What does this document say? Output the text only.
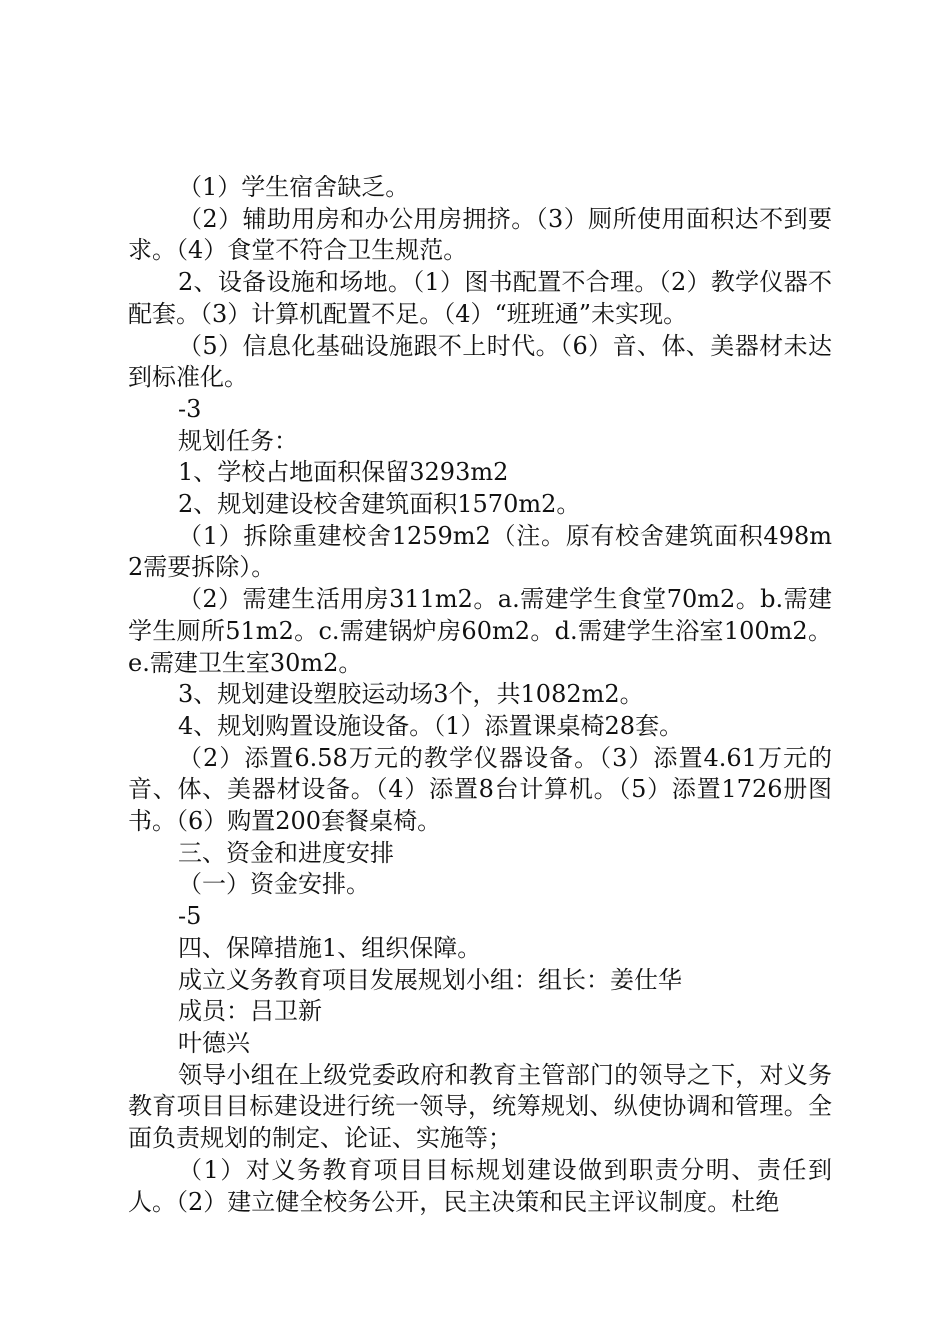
（1）学生宿舍缺乏。

（2）辅助用房和办公用房拥挤。（3）厕所使用面积达不到要求。（4）食堂不符合卫生规范。

2、设备设施和场地。（1）图书配置不合理。（2）教学仪器不配套。（3）计算机配置不足。（4）“班班通”未实现。

（5）信息化基础设施跟不上时代。（6）音、体、美器材未达到标准化。

-3

规划任务：

1、学校占地面积保留3293m2

2、规划建设校舍建筑面积1570m2。

（1）拆除重建校舍1259m2（注。原有校舍建筑面积498m2需要拆除）。

（2）需建生活用房311m2。a.需建学生食堂70m2。b.需建学生厕所51m2。c.需建锅炉房60m2。d.需建学生浴室100m2。e.需建卫生室30m2。

3、规划建设塑胶运动场3个，共1082m2。

4、规划购置设施设备。（1）添置课桌椅28套。

（2）添置6.58万元的教学仪器设备。（3）添置4.61万元的音、体、美器材设备。（4）添置8台计算机。（5）添置1726册图书。（6）购置200套餐桌椅。

三、资金和进度安排

（一）资金安排。

-5

四、保障措施1、组织保障。

成立义务教育项目发展规划小组：组长：姜仕华

成员：吕卫新

叶德兴

领导小组在上级党委政府和教育主管部门的领导之下，对义务教育项目目标建设进行统一领导，统筹规划、纵使协调和管理。全面负责规划的制定、论证、实施等；

（1）对义务教育项目目标规划建设做到职责分明、责任到人。（2）建立健全校务公开，民主决策和民主评议制度。杜绝
